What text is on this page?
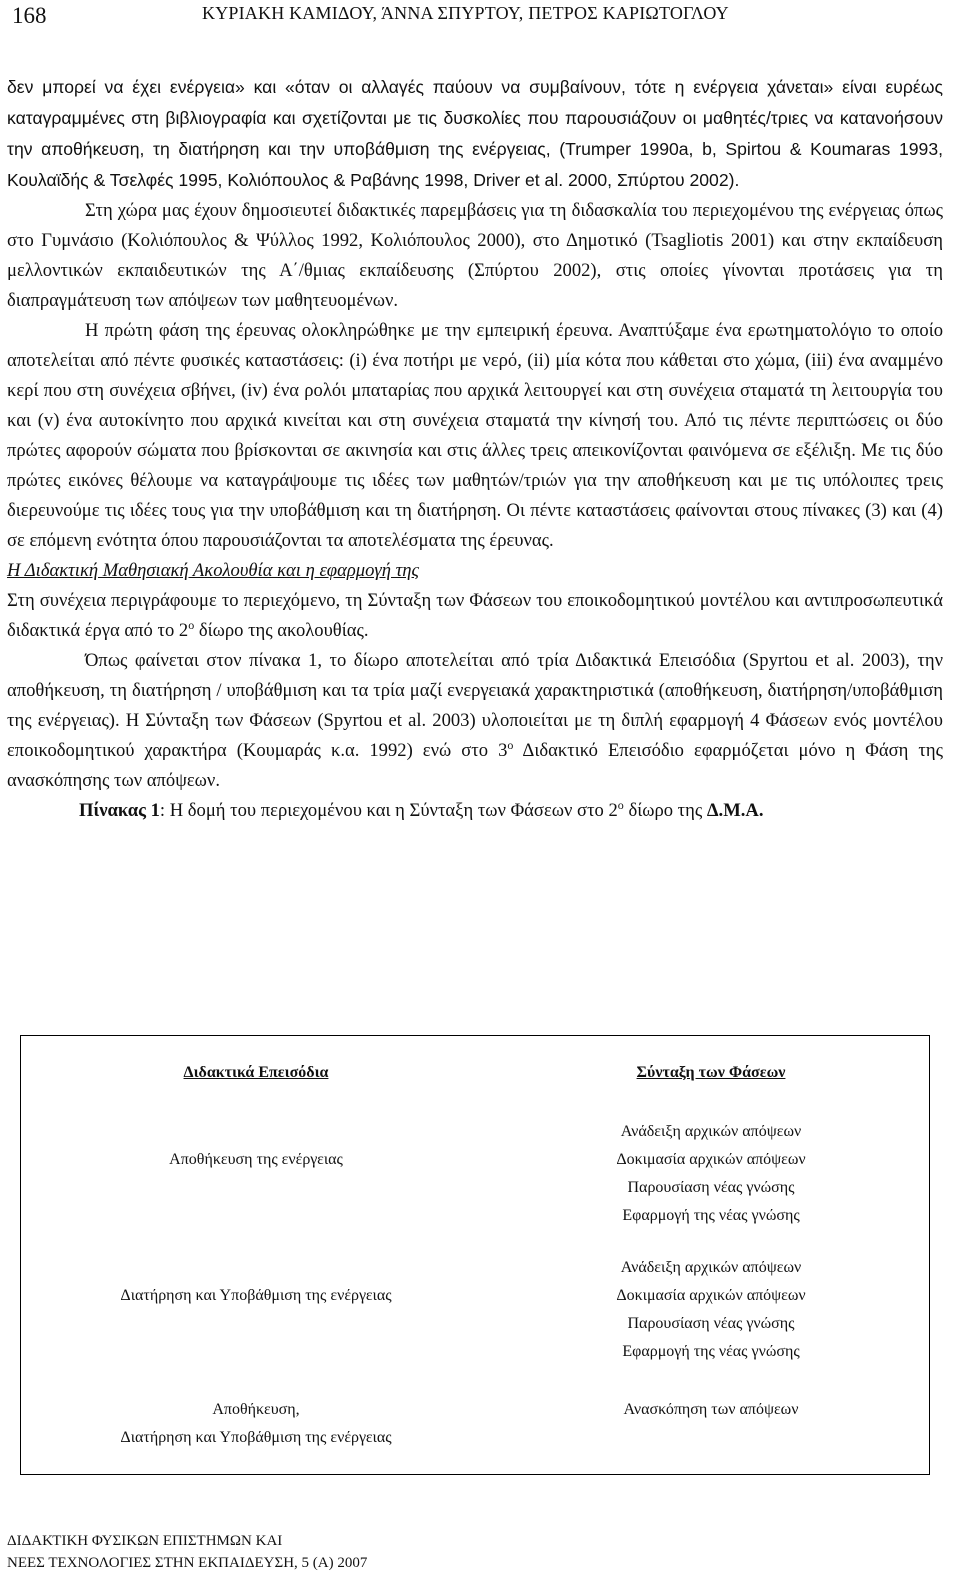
168	ΚΥΡΙΑΚΗ ΚΑΜΙΔΟΥ, ΆΝΝΑ ΣΠΥΡΤΟΥ, ΠΕΤΡΟΣ ΚΑΡΙΩΤΟΓΛΟΥ

δεν μπορεί να έχει ενέργεια» και «όταν οι αλλαγές παύουν να συμβαίνουν, τότε η ενέργεια χάνεται» είναι ευρέως καταγραμμένες στη βιβλιογραφία και σχετίζονται με τις δυσκολίες που παρουσιάζουν οι μαθητές/τριες να κατανοήσουν την αποθήκευση, τη διατήρηση και την υποβάθμιση της ενέργειας, (Trumper 1990a, b, Spirtou & Koumaras 1993, Κουλαϊδής & Τσελφές 1995, Κολιόπουλος & Ραβάνης 1998, Driver et al. 2000, Σπύρτου 2002).

Στη χώρα μας έχουν δημοσιευτεί διδακτικές παρεμβάσεις για τη διδασκαλία του περιεχομένου της ενέργειας όπως στο Γυμνάσιο (Κολιόπουλος & Ψύλλος 1992, Κολιόπουλος 2000), στο Δημοτικό (Tsagliotis 2001) και στην εκπαίδευση μελλοντικών εκπαιδευτικών της Α΄/θμιας εκπαίδευσης (Σπύρτου 2002), στις οποίες γίνονται προτάσεις για τη διαπραγμάτευση των απόψεων των μαθητευομένων.

Η πρώτη φάση της έρευνας ολοκληρώθηκε με την εμπειρική έρευνα. Αναπτύξαμε ένα ερωτηματολόγιο το οποίο αποτελείται από πέντε φυσικές καταστάσεις: (i) ένα ποτήρι με νερό, (ii) μία κότα που κάθεται στο χώμα, (iii) ένα αναμμένο κερί που στη συνέχεια σβήνει, (iv) ένα ρολόι μπαταρίας που αρχικά λειτουργεί και στη συνέχεια σταματά τη λειτουργία του και (v) ένα αυτοκίνητο που αρχικά κινείται και στη συνέχεια σταματά την κίνησή του. Από τις πέντε περιπτώσεις οι δύο πρώτες αφορούν σώματα που βρίσκονται σε ακινησία και στις άλλες τρεις απεικονίζονται φαινόμενα σε εξέλιξη. Με τις δύο πρώτες εικόνες θέλουμε να καταγράψουμε τις ιδέες των μαθητών/τριών για την αποθήκευση και με τις υπόλοιπες τρεις διερευνούμε τις ιδέες τους για την υποβάθμιση και τη διατήρηση. Οι πέντε καταστάσεις φαίνονται στους πίνακες (3) και (4) σε επόμενη ενότητα όπου παρουσιάζονται τα αποτελέσματα της έρευνας.

Η Διδακτική Μαθησιακή Ακολουθία και η εφαρμογή της

Στη συνέχεια περιγράφουμε το περιεχόμενο, τη Σύνταξη των Φάσεων του εποικοδομητικού μοντέλου και αντιπροσωπευτικά διδακτικά έργα από το $2^o$ δίωρο της ακολουθίας.

Όπως φαίνεται στον πίνακα 1, το δίωρο αποτελείται από τρία Διδακτικά Επεισόδια (Spyrtou et al. 2003), την αποθήκευση, τη διατήρηση / υποβάθμιση και τα τρία μαζί ενεργειακά χαρακτηριστικά (αποθήκευση, διατήρηση/υποβάθμιση της ενέργειας). Η Σύνταξη των Φάσεων (Spyrtou et al. 2003) υλοποιείται με τη διπλή εφαρμογή 4 Φάσεων ενός μοντέλου εποικοδομητικού χαρακτήρα (Κουμαράς κ.α. 1992) ενώ στο $3^o$ Διδακτικό Επεισόδιο εφαρμόζεται μόνο η Φάση της ανασκόπησης των απόψεων.

Πίνακας 1: Η δομή του περιεχομένου και η Σύνταξη των Φάσεων στο $2^o$ δίωρο της Δ.Μ.Α.

Διδακτικά Επεισόδια	Σύνταξη των Φάσεων
Αποθήκευση της ενέργειας
Ανάδειξη αρχικών απόψεων
Δοκιμασία αρχικών απόψεων
Παρουσίαση νέας γνώσης
Εφαρμογή της νέας γνώσης
Διατήρηση και Υποβάθμιση της ενέργειας
Ανάδειξη αρχικών απόψεων
Δοκιμασία αρχικών απόψεων
Παρουσίαση νέας γνώσης
Εφαρμογή της νέας γνώσης
Αποθήκευση,
Διατήρηση και Υποβάθμιση της ενέργειας
Ανασκόπηση των απόψεων
ΔΙΔΑΚΤΙΚΗ ΦΥΣΙΚΩΝ ΕΠΙΣΤΗΜΩΝ ΚΑΙ
ΝΕΕΣ ΤΕΧΝΟΛΟΓΙΕΣ ΣΤΗΝ ΕΚΠΑΙΔΕΥΣΗ, 5 (Α) 2007
